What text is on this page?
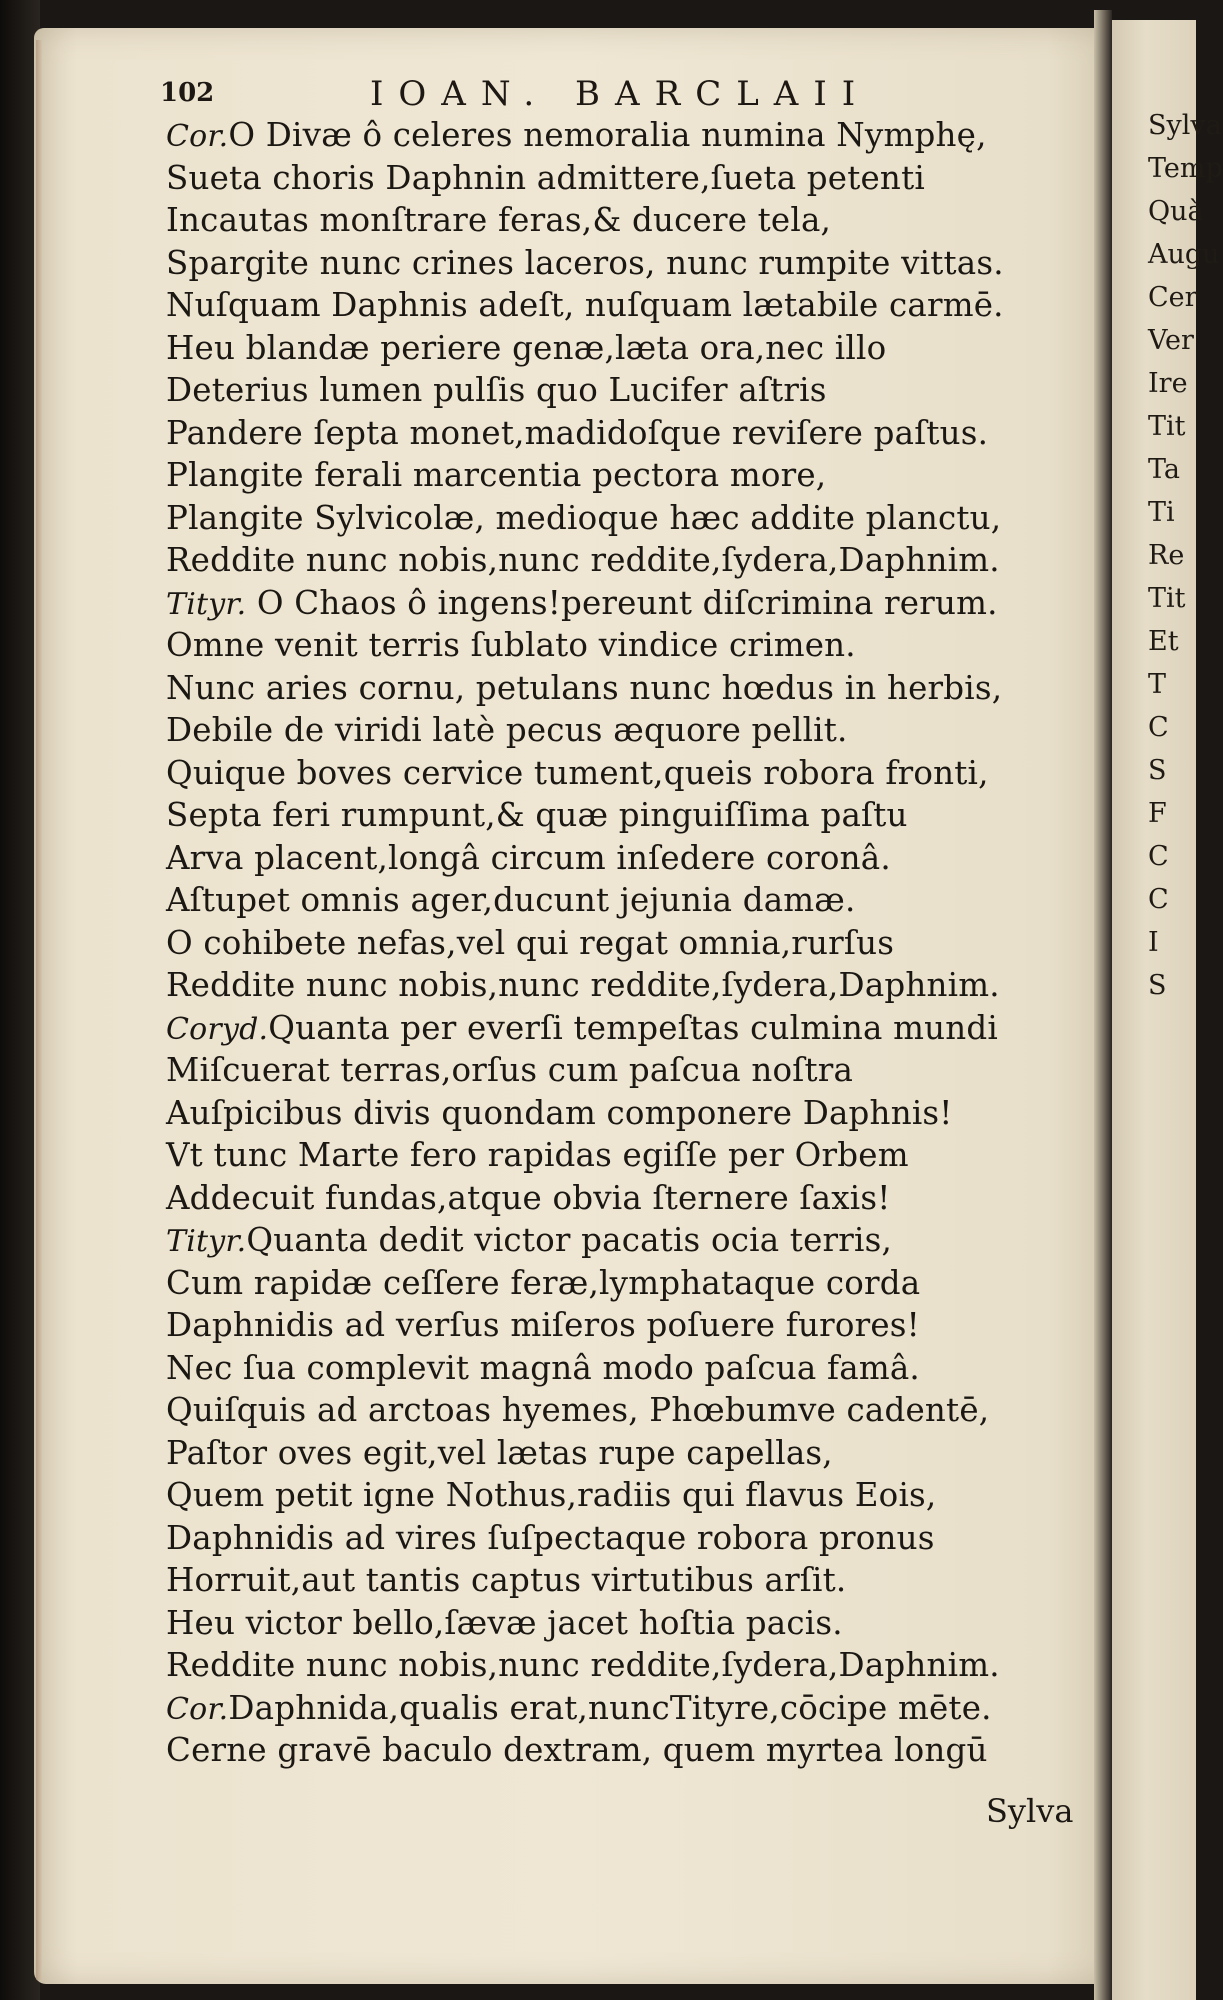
102	IOAN. BARCLAII
Cor.O Divæ ô celeres nemoralia numina Nymphę,
Sueta choris Daphnin admittere,ſueta petenti
Incautas monſtrare feras,& ducere tela,
Spargite nunc crines laceros, nunc rumpite vittas.
Nuſquam Daphnis adeſt, nuſquam lætabile carmē.
Heu blandæ periere genæ,læta ora,nec illo
Deterius lumen pulſis quo Lucifer aſtris
Pandere ſepta monet,madidoſque reviſere paſtus.
Plangite ferali marcentia pectora more,
Plangite Sylvicolæ, medioque hæc addite planctu,
Reddite nunc nobis,nunc reddite,ſydera,Daphnim.
Tityr. O Chaos ô ingens!pereunt diſcrimina rerum.
Omne venit terris ſublato vindice crimen.
Nunc aries cornu, petulans nunc hœdus in herbis,
Debile de viridi latè pecus æquore pellit.
Quique boves cervice tument,queis robora fronti,
Septa feri rumpunt,& quæ pinguiſſima paſtu
Arva placent,longâ circum inſedere coronâ.
Aſtupet omnis ager,ducunt jejunia damæ.
O cohibete nefas,vel qui regat omnia,rurſus
Reddite nunc nobis,nunc reddite,ſydera,Daphnim.
Coryd.Quanta per everſi tempeſtas culmina mundi
Miſcuerat terras,orſus cum paſcua noſtra
Auſpicibus divis quondam componere Daphnis!
Vt tunc Marte fero rapidas egiſſe per Orbem
Addecuit fundas,atque obvia ſternere ſaxis!
Tityr.Quanta dedit victor pacatis ocia terris,
Cum rapidæ ceſſere feræ,lymphataque corda
Daphnidis ad verſus miſeros poſuere furores!
Nec ſua complevit magnâ modo paſcua famâ.
Quiſquis ad arctoas hyemes, Phœbumve cadentē,
Paſtor oves egit,vel lætas rupe capellas,
Quem petit igne Nothus,radiis qui flavus Eois,
Daphnidis ad vires ſuſpectaque robora pronus
Horruit,aut tantis captus virtutibus arſit.
Heu victor bello,ſævæ jacet hoſtia pacis.
Reddite nunc nobis,nunc reddite,ſydera,Daphnim.
Cor.Daphnida,qualis erat,nuncTityre,cōcipe mēte.
Cerne gravē baculo dextram, quem myrtea longū
Sylva
Sylva
Temp
Quà
Augu
Cer
Ver
Ire
Tit
Ta
Ti
Re
Tit
Et
T
C
S
F
C
C
I
S
